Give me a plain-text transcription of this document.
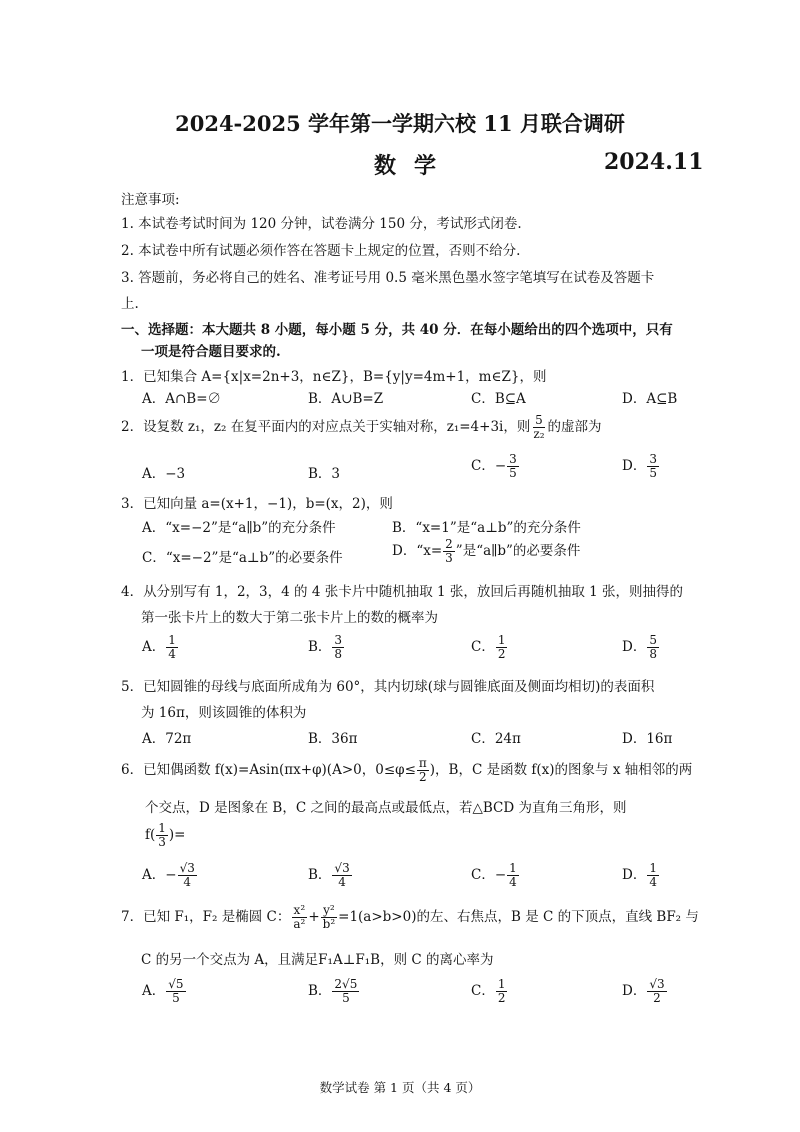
2024-2025 学年第一学期六校 11 月联合调研
数学	2024.11
注意事项:
1. 本试卷考试时间为 120 分钟，试卷满分 150 分，考试形式闭卷.
2. 本试卷中所有试题必须作答在答题卡上规定的位置，否则不给分.
3. 答题前，务必将自己的姓名、准考证号用 0.5 毫米黑色墨水签字笔填写在试卷及答题卡
上.
一、选择题：本大题共 8 小题，每小题 5 分，共 40 分．在每小题给出的四个选项中，只有
一项是符合题目要求的.
1．已知集合 A={x|x=2n+3，n∈Z}，B={y|y=4m+1，m∈Z}，则
A．A∩B=∅	B．A∪B=Z	C．B⊆A	D．A⊆B
2．设复数 z₁，z₂ 在复平面内的对应点关于实轴对称，z₁=4+3i，则 $\frac{5}{\text{z₂}}$ 的虚部为
A．−3	B．3	C．− $\frac{3}{5}$	D． $\frac{3}{5}$
3．已知向量 a=(x+1，−1)，b=(x，2)，则
A．“x=−2”是“a∥b”的充分条件	B．“x=1”是“a⊥b”的充分条件
C．“x=−2”是“a⊥b”的必要条件	D．“$x= \frac{2}{3}$ ”是“a∥b”的必要条件
4．从分别写有 1，2，3，4 的 4 张卡片中随机抽取 1 张，放回后再随机抽取 1 张，则抽得的
第一张卡片上的数大于第二张卡片上的数的概率为
A． $\frac{1}{4}$	B． $\frac{3}{8}$	C． $\frac{1}{2}$	D． $\frac{5}{8}$
5．已知圆锥的母线与底面所成角为 60°，其内切球(球与圆锥底面及侧面均相切)的表面积
为 16π，则该圆锥的体积为
A．72π	B．36π	C．24π	D．16π
6．已知偶函数 f(x)=Asin(πx+φ)(A>0，$0\le\varphi\le \frac{\pi}{2}$ )，B，C 是函数 f(x)的图象与 x 轴相邻的两
个交点，D 是图象在 B，C 之间的最高点或最低点，若△BCD 为直角三角形，则
$f( \frac{1}{3}$ )=
A．− $\frac{√3}{4}$	B． $\frac{√3}{4}$	C．− $\frac{1}{4}$	D． $\frac{1}{4}$
7．已知 F₁，F₂ 是椭圆 C： $\frac{\text{x²}}{\text{a²}} + \frac{\text{y²}}{\text{b²}} =1(a>b>0)$的左、右焦点，B 是 C 的下顶点，直线 BF₂ 与
C 的另一个交点为 A，且满足F₁A⊥F₁B，则 C 的离心率为
A． $\frac{√5}{5}$	B． $\frac{2√5}{5}$	C． $\frac{1}{2}$	D． $\frac{√3}{2}$
数学试卷 第 1 页（共 4 页）
